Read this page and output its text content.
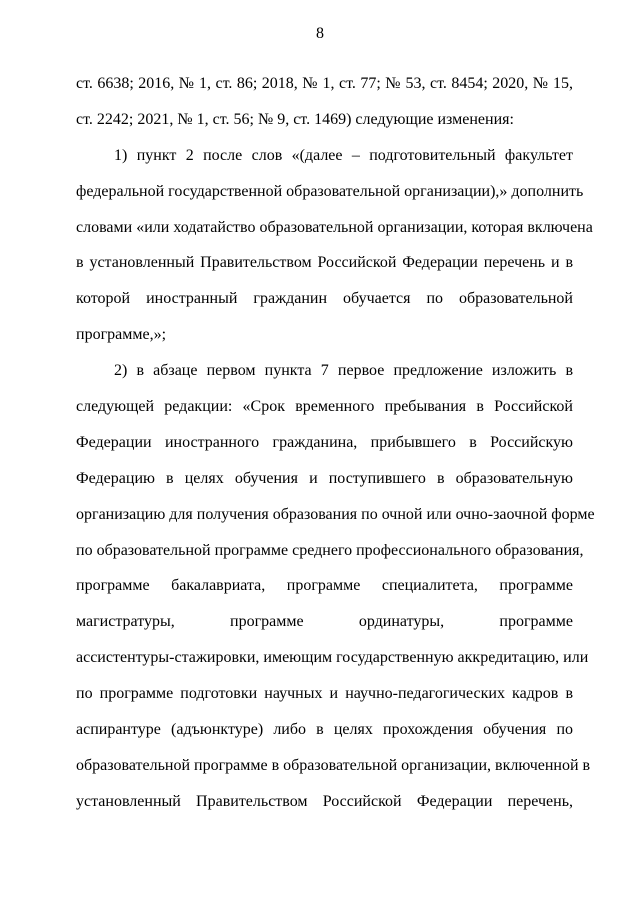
8
ст. 6638; 2016, № 1, ст. 86; 2018, № 1, ст. 77; № 53, ст. 8454; 2020, № 15,
ст. 2242; 2021, № 1, ст. 56; № 9, ст. 1469) следующие изменения:
1) пункт 2 после слов «(далее – подготовительный факультет
федеральной государственной образовательной организации),» дополнить
словами «или ходатайство образовательной организации, которая включена
в установленный Правительством Российской Федерации перечень и в
которой иностранный гражданин обучается по образовательной
программе,»;
2) в абзаце первом пункта 7 первое предложение изложить в
следующей редакции: «Срок временного пребывания в Российской
Федерации иностранного гражданина, прибывшего в Российскую
Федерацию в целях обучения и поступившего в образовательную
организацию для получения образования по очной или очно-заочной форме
по образовательной программе среднего профессионального образования,
программе бакалавриата, программе специалитета, программе
магистратуры, программе ординатуры, программе
ассистентуры-стажировки, имеющим государственную аккредитацию, или
по программе подготовки научных и научно-педагогических кадров в
аспирантуре (адъюнктуре) либо в целях прохождения обучения по
образовательной программе в образовательной организации, включенной в
установленный Правительством Российской Федерации перечень,
